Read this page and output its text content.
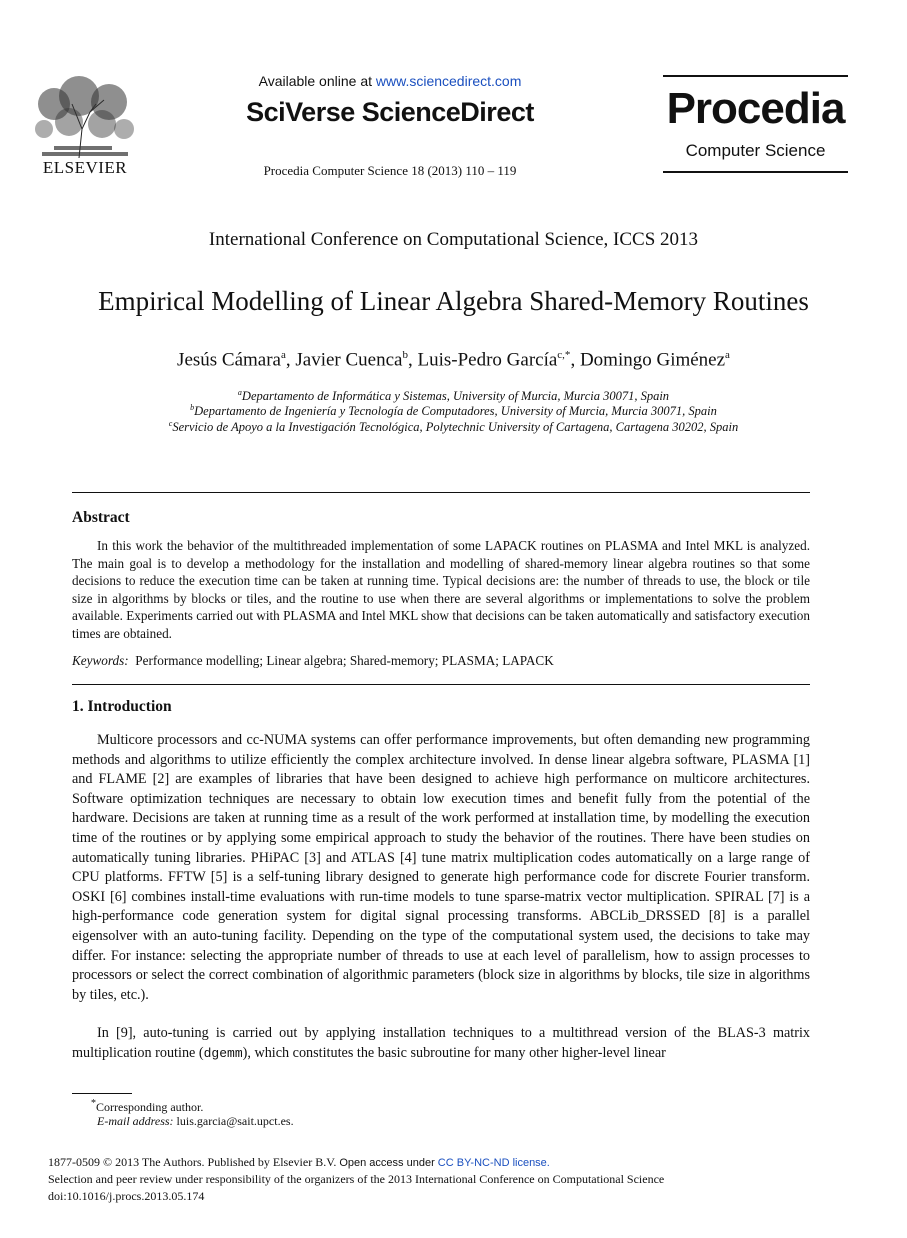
ELSEVIER
Available online at www.sciencedirect.com
SciVerse ScienceDirect
Procedia Computer Science 18 (2013) 110 – 119
Procedia
Computer Science
International Conference on Computational Science, ICCS 2013
Empirical Modelling of Linear Algebra Shared-Memory Routines
Jesús Cámara$^a$, Javier Cuenca$^b$, Luis-Pedro García$^{c,*}$, Domingo Giménez$^a$
$^a$Departamento de Informática y Sistemas, University of Murcia, Murcia 30071, Spain
$^b$Departamento de Ingeniería y Tecnología de Computadores, University of Murcia, Murcia 30071, Spain
$^c$Servicio de Apoyo a la Investigación Tecnológica, Polytechnic University of Cartagena, Cartagena 30202, Spain
Abstract
In this work the behavior of the multithreaded implementation of some LAPACK routines on PLASMA and Intel MKL is analyzed. The main goal is to develop a methodology for the installation and modelling of shared-memory linear algebra routines so that some decisions to reduce the execution time can be taken at running time. Typical decisions are: the number of threads to use, the block or tile size in algorithms by blocks or tiles, and the routine to use when there are several algorithms or implementations to solve the problem available. Experiments carried out with PLASMA and Intel MKL show that decisions can be taken automatically and satisfactory execution times are obtained.
Keywords: Performance modelling; Linear algebra; Shared-memory; PLASMA; LAPACK
1. Introduction
Multicore processors and cc-NUMA systems can offer performance improvements, but often demanding new programming methods and algorithms to utilize efficiently the complex architecture involved. In dense linear algebra software, PLASMA [1] and FLAME [2] are examples of libraries that have been designed to achieve high performance on multicore architectures. Software optimization techniques are necessary to obtain low execution times and benefit fully from the potential of the hardware. Decisions are taken at running time as a result of the work performed at installation time, by modelling the execution time of the routines or by applying some empirical approach to study the behavior of the routines. There have been studies on automatically tuning libraries. PHiPAC [3] and ATLAS [4] tune matrix multiplication codes automatically on a large range of CPU platforms. FFTW [5] is a self-tuning library designed to generate high performance code for discrete Fourier transform. OSKI [6] combines install-time evaluations with run-time models to tune sparse-matrix vector multiplication. SPIRAL [7] is a high-performance code generation system for digital signal processing transforms. ABCLib_DRSSED [8] is a parallel eigensolver with an auto-tuning facility. Depending on the type of the computational system used, the decisions to take may differ. For instance: selecting the appropriate number of threads to use at each level of parallelism, how to assign processes to processors or select the correct combination of algorithmic parameters (block size in algorithms by blocks, tile size in algorithms by tiles, etc.).
In [9], auto-tuning is carried out by applying installation techniques to a multithread version of the BLAS-3 matrix multiplication routine (dgemm), which constitutes the basic subroutine for many other higher-level linear
*Corresponding author.
E-mail address: luis.garcia@sait.upct.es.
1877-0509 © 2013 The Authors. Published by Elsevier B.V. Open access under CC BY-NC-ND license.
Selection and peer review under responsibility of the organizers of the 2013 International Conference on Computational Science
doi:10.1016/j.procs.2013.05.174
